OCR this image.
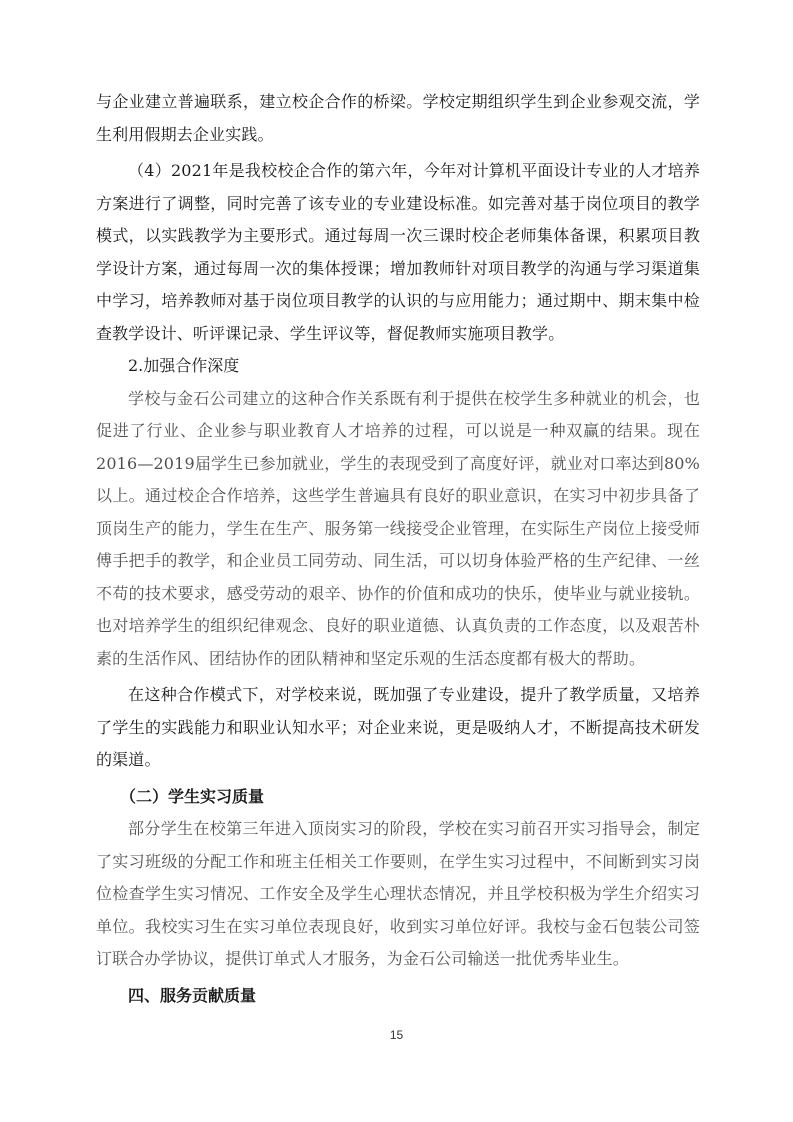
与企业建立普遍联系，建立校企合作的桥梁。学校定期组织学生到企业参观交流，学生利用假期去企业实践。

（4）2021年是我校校企合作的第六年，今年对计算机平面设计专业的人才培养方案进行了调整，同时完善了该专业的专业建设标准。如完善对基于岗位项目的教学模式，以实践教学为主要形式。通过每周一次三课时校企老师集体备课，积累项目教学设计方案，通过每周一次的集体授课；增加教师针对项目教学的沟通与学习渠道集中学习，培养教师对基于岗位项目教学的认识的与应用能力；通过期中、期末集中检查教学设计、听评课记录、学生评议等，督促教师实施项目教学。

2.加强合作深度

学校与金石公司建立的这种合作关系既有利于提供在校学生多种就业的机会，也促进了行业、企业参与职业教育人才培养的过程，可以说是一种双赢的结果。现在2016—2019届学生已参加就业，学生的表现受到了高度好评，就业对口率达到80%以上。通过校企合作培养，这些学生普遍具有良好的职业意识，在实习中初步具备了顶岗生产的能力，学生在生产、服务第一线接受企业管理，在实际生产岗位上接受师傅手把手的教学，和企业员工同劳动、同生活，可以切身体验严格的生产纪律、一丝不苟的技术要求，感受劳动的艰辛、协作的价值和成功的快乐，使毕业与就业接轨。也对培养学生的组织纪律观念、良好的职业道德、认真负责的工作态度，以及艰苦朴素的生活作风、团结协作的团队精神和坚定乐观的生活态度都有极大的帮助。

在这种合作模式下，对学校来说，既加强了专业建设，提升了教学质量，又培养了学生的实践能力和职业认知水平；对企业来说，更是吸纳人才，不断提高技术研发的渠道。

（二）学生实习质量

部分学生在校第三年进入顶岗实习的阶段，学校在实习前召开实习指导会，制定了实习班级的分配工作和班主任相关工作要则，在学生实习过程中，不间断到实习岗位检查学生实习情况、工作安全及学生心理状态情况，并且学校积极为学生介绍实习单位。我校实习生在实习单位表现良好，收到实习单位好评。我校与金石包装公司签订联合办学协议，提供订单式人才服务，为金石公司输送一批优秀毕业生。

四、服务贡献质量

15
